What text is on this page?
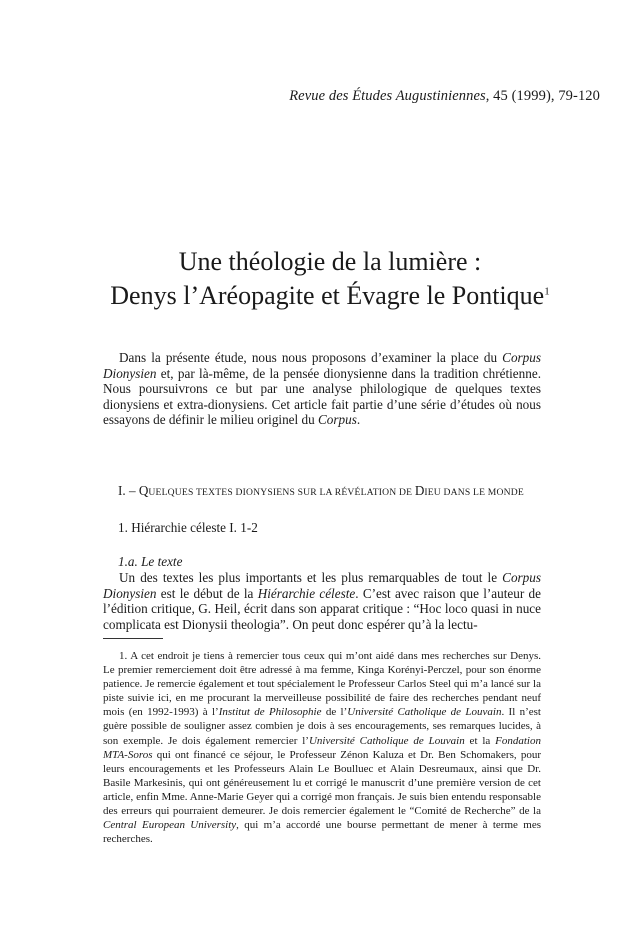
Revue des Études Augustiniennes, 45 (1999), 79-120
Une théologie de la lumière :
Denys l’Aréopagite et Évagre le Pontique$^1$
Dans la présente étude, nous nous proposons d’examiner la place du Corpus Dionysien et, par là-même, de la pensée dionysienne dans la tradition chrétienne. Nous poursuivrons ce but par une analyse philologique de quelques textes dionysiens et extra-dionysiens. Cet article fait partie d’une série d’études où nous essayons de définir le milieu originel du Corpus.
I. – QUELQUES TEXTES DIONYSIENS SUR LA RÉVÉLATION DE DIEU DANS LE MONDE
1. Hiérarchie céleste I. 1-2
1.a. Le texte
Un des textes les plus importants et les plus remarquables de tout le Corpus Dionysien est le début de la Hiérarchie céleste. C’est avec raison que l’auteur de l’édition critique, G. Heil, écrit dans son apparat critique : “Hoc loco quasi in nuce complicata est Dionysii theologia”. On peut donc espérer qu’à la lectu-
1. A cet endroit je tiens à remercier tous ceux qui m’ont aidé dans mes recherches sur Denys. Le premier remerciement doit être adressé à ma femme, Kinga Korényi-Perczel, pour son énorme patience. Je remercie également et tout spécialement le Professeur Carlos Steel qui m’a lancé sur la piste suivie ici, en me procurant la merveilleuse possibilité de faire des recherches pendant neuf mois (en 1992-1993) à l’Institut de Philosophie de l’Université Catholique de Louvain. Il n’est guère possible de souligner assez combien je dois à ses encouragements, ses remarques lucides, à son exemple. Je dois également remercier l’Université Catholique de Louvain et la Fondation MTA-Soros qui ont financé ce séjour, le Professeur Zénon Kaluza et Dr. Ben Schomakers, pour leurs encouragements et les Professeurs Alain Le Boulluec et Alain Desreumaux, ainsi que Dr. Basile Markesinis, qui ont généreusement lu et corrigé le manuscrit d’une première version de cet article, enfin Mme. Anne-Marie Geyer qui a corrigé mon français. Je suis bien entendu responsable des erreurs qui pourraient demeurer. Je dois remercier également le “Comité de Recherche” de la Central European University, qui m’a accordé une bourse permettant de mener à terme mes recherches.
